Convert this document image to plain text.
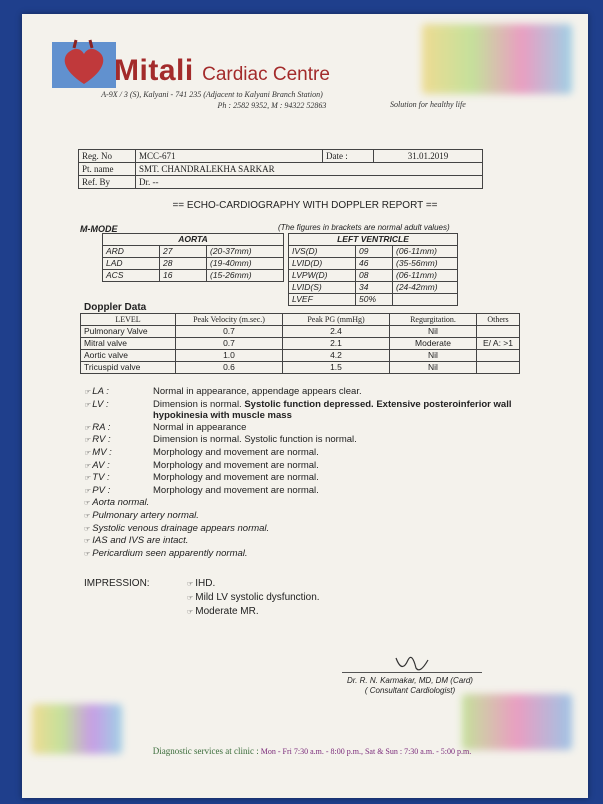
Mitali Cardiac Centre
A-9X / 3 (S), Kalyani - 741 235 (Adjacent to Kalyani Branch Station)
Ph : 2582 9352, M : 94322 52863	Solution for healthy life
Reg. No	MCC-671	Date :	31.01.2019
Pt. name	SMT. CHANDRALEKHA SARKAR		
Ref. By	Dr. --		
== ECHO-CARDIOGRAPHY WITH DOPPLER REPORT ==
M-MODE	(The figures in brackets are normal adult values)
AORTA		
ARD	27	(20-37mm)
LAD	28	(19-40mm)
ACS	16	(15-26mm)
LEFT VENTRICLE		
IVS(D)	09	(06-11mm)
LVID(D)	46	(35-56mm)
LVPW(D)	08	(06-11mm)
LVID(S)	34	(24-42mm)
LVEF	50%	
Doppler Data
LEVEL	Peak Velocity (m.sec.)	Peak PG (mmHg)	Regurgitation.	Others
Pulmonary Valve	0.7	2.4	Nil	
Mitral valve	0.7	2.1	Moderate	E/ A: >1
Aortic valve	1.0	4.2	Nil	
Tricuspid valve	0.6	1.5	Nil	
☞ LA :	Normal in appearance, appendage appears clear.
☞ LV :	Dimension is normal. Systolic function depressed. Extensive posteroinferior wall hypokinesia with muscle mass
☞ RA :	Normal in appearance
☞ RV :	Dimension is normal. Systolic function is normal.
☞ MV :	Morphology and movement are normal.
☞ AV :	Morphology and movement are normal.
☞ TV :	Morphology and movement are normal.
☞ PV :	Morphology and movement are normal.
☞ Aorta normal.
☞ Pulmonary artery normal.
☞ Systolic venous drainage appears normal.
☞ IAS and IVS are intact.
☞ Pericardium seen apparently normal.
IMPRESSION:	☞ IHD.
☞ Mild LV systolic dysfunction.
☞ Moderate MR.
Dr. R. N. Karmakar, MD, DM (Card)
( Consultant Cardiologist)
Diagnostic services at clinic : Mon - Fri 7:30 a.m. - 8:00 p.m., Sat & Sun : 7:30 a.m. - 5:00 p.m.
